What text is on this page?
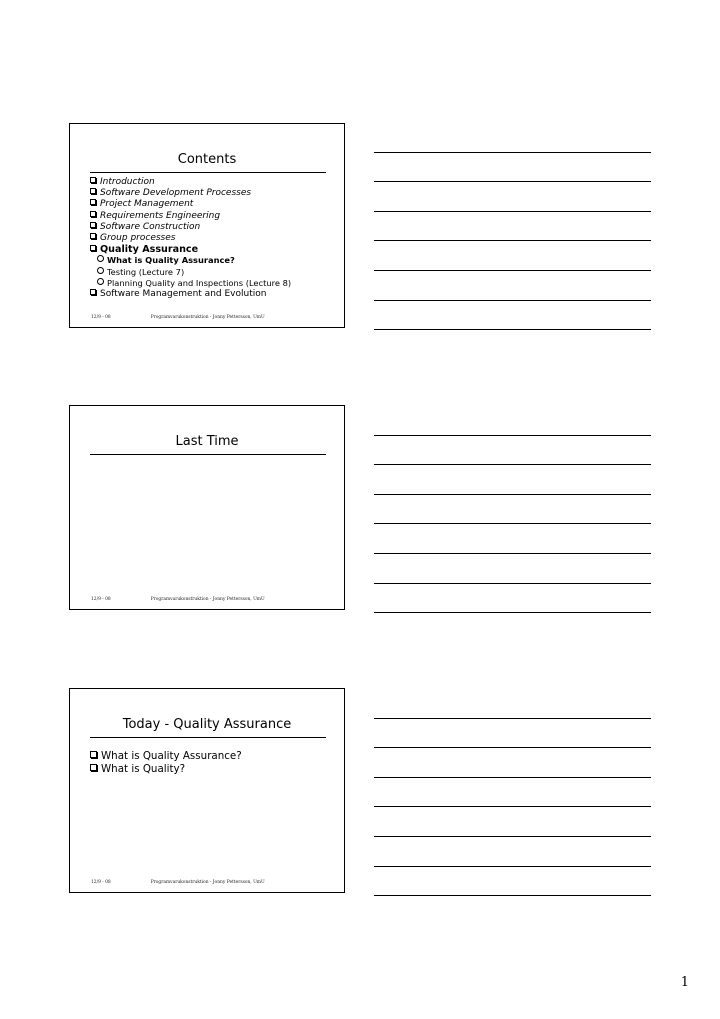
Contents
Introduction
Software Development Processes
Project Management
Requirements Engineering
Software Construction
Group processes
Quality Assurance
What is Quality Assurance?
Testing (Lecture 7)
Planning Quality and Inspections (Lecture 8)
Software Management and Evolution
12/9 - 08	Programvarukonstruktion - Jonny Pettersson, UmU
Last Time
12/9 - 08	Programvarukonstruktion - Jonny Pettersson, UmU
Today - Quality Assurance
What is Quality Assurance?
What is Quality?
12/9 - 08	Programvarukonstruktion - Jonny Pettersson, UmU
1
